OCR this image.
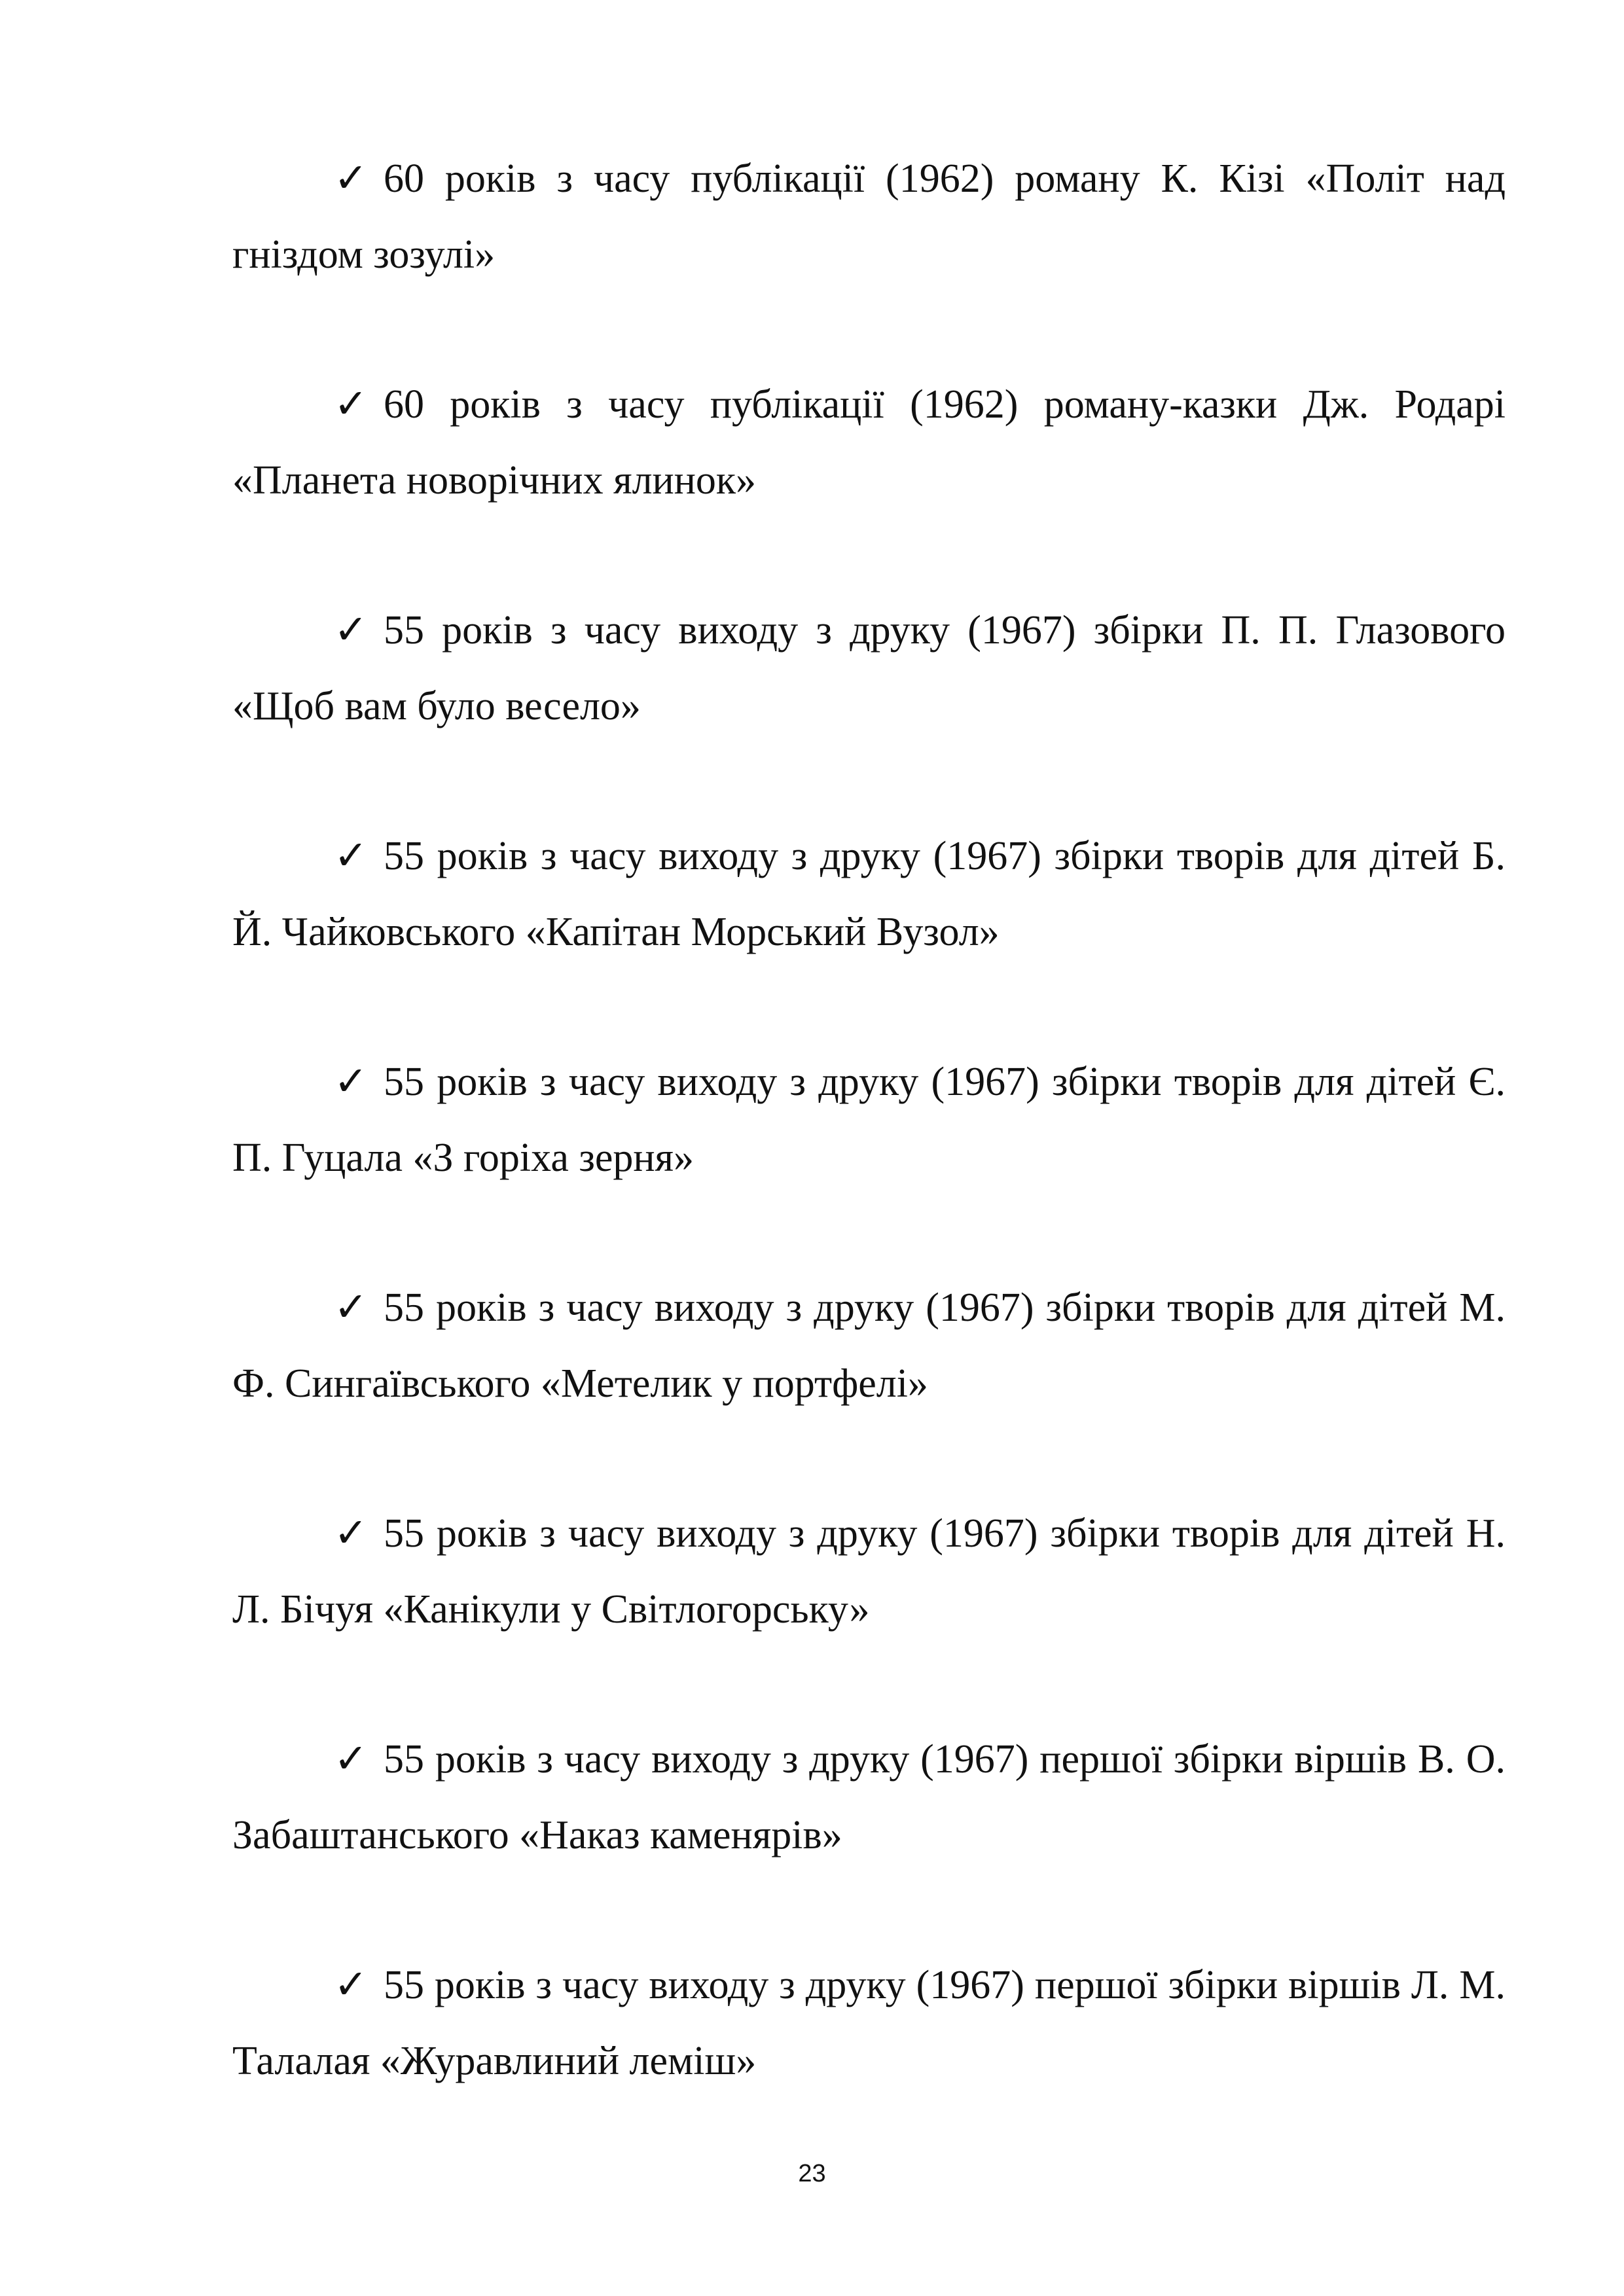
✓ 60 років з часу публікації (1962) роману К. Кізі «Політ над гніздом зозулі»

✓ 60 років з часу публікації (1962) роману-казки Дж. Родарі «Планета новорічних ялинок»

✓ 55 років з часу виходу з друку (1967) збірки П. П. Глазового «Щоб вам було весело»

✓ 55 років з часу виходу з друку (1967) збірки творів для дітей Б. Й. Чайковського «Капітан Морський Вузол»

✓ 55 років з часу виходу з друку (1967) збірки творів для дітей Є. П. Гуцала «З горіха зерня»

✓ 55 років з часу виходу з друку (1967) збірки творів для дітей М. Ф. Сингаївського «Метелик у портфелі»

✓ 55 років з часу виходу з друку (1967) збірки творів для дітей Н. Л. Бічуя «Канікули у Світлогорську»

✓ 55 років з часу виходу з друку (1967) першої збірки віршів В. О. Забаштанського «Наказ каменярів»

✓ 55 років з часу виходу з друку (1967) першої збірки віршів Л. М. Талалая «Журавлиний леміш»

23
